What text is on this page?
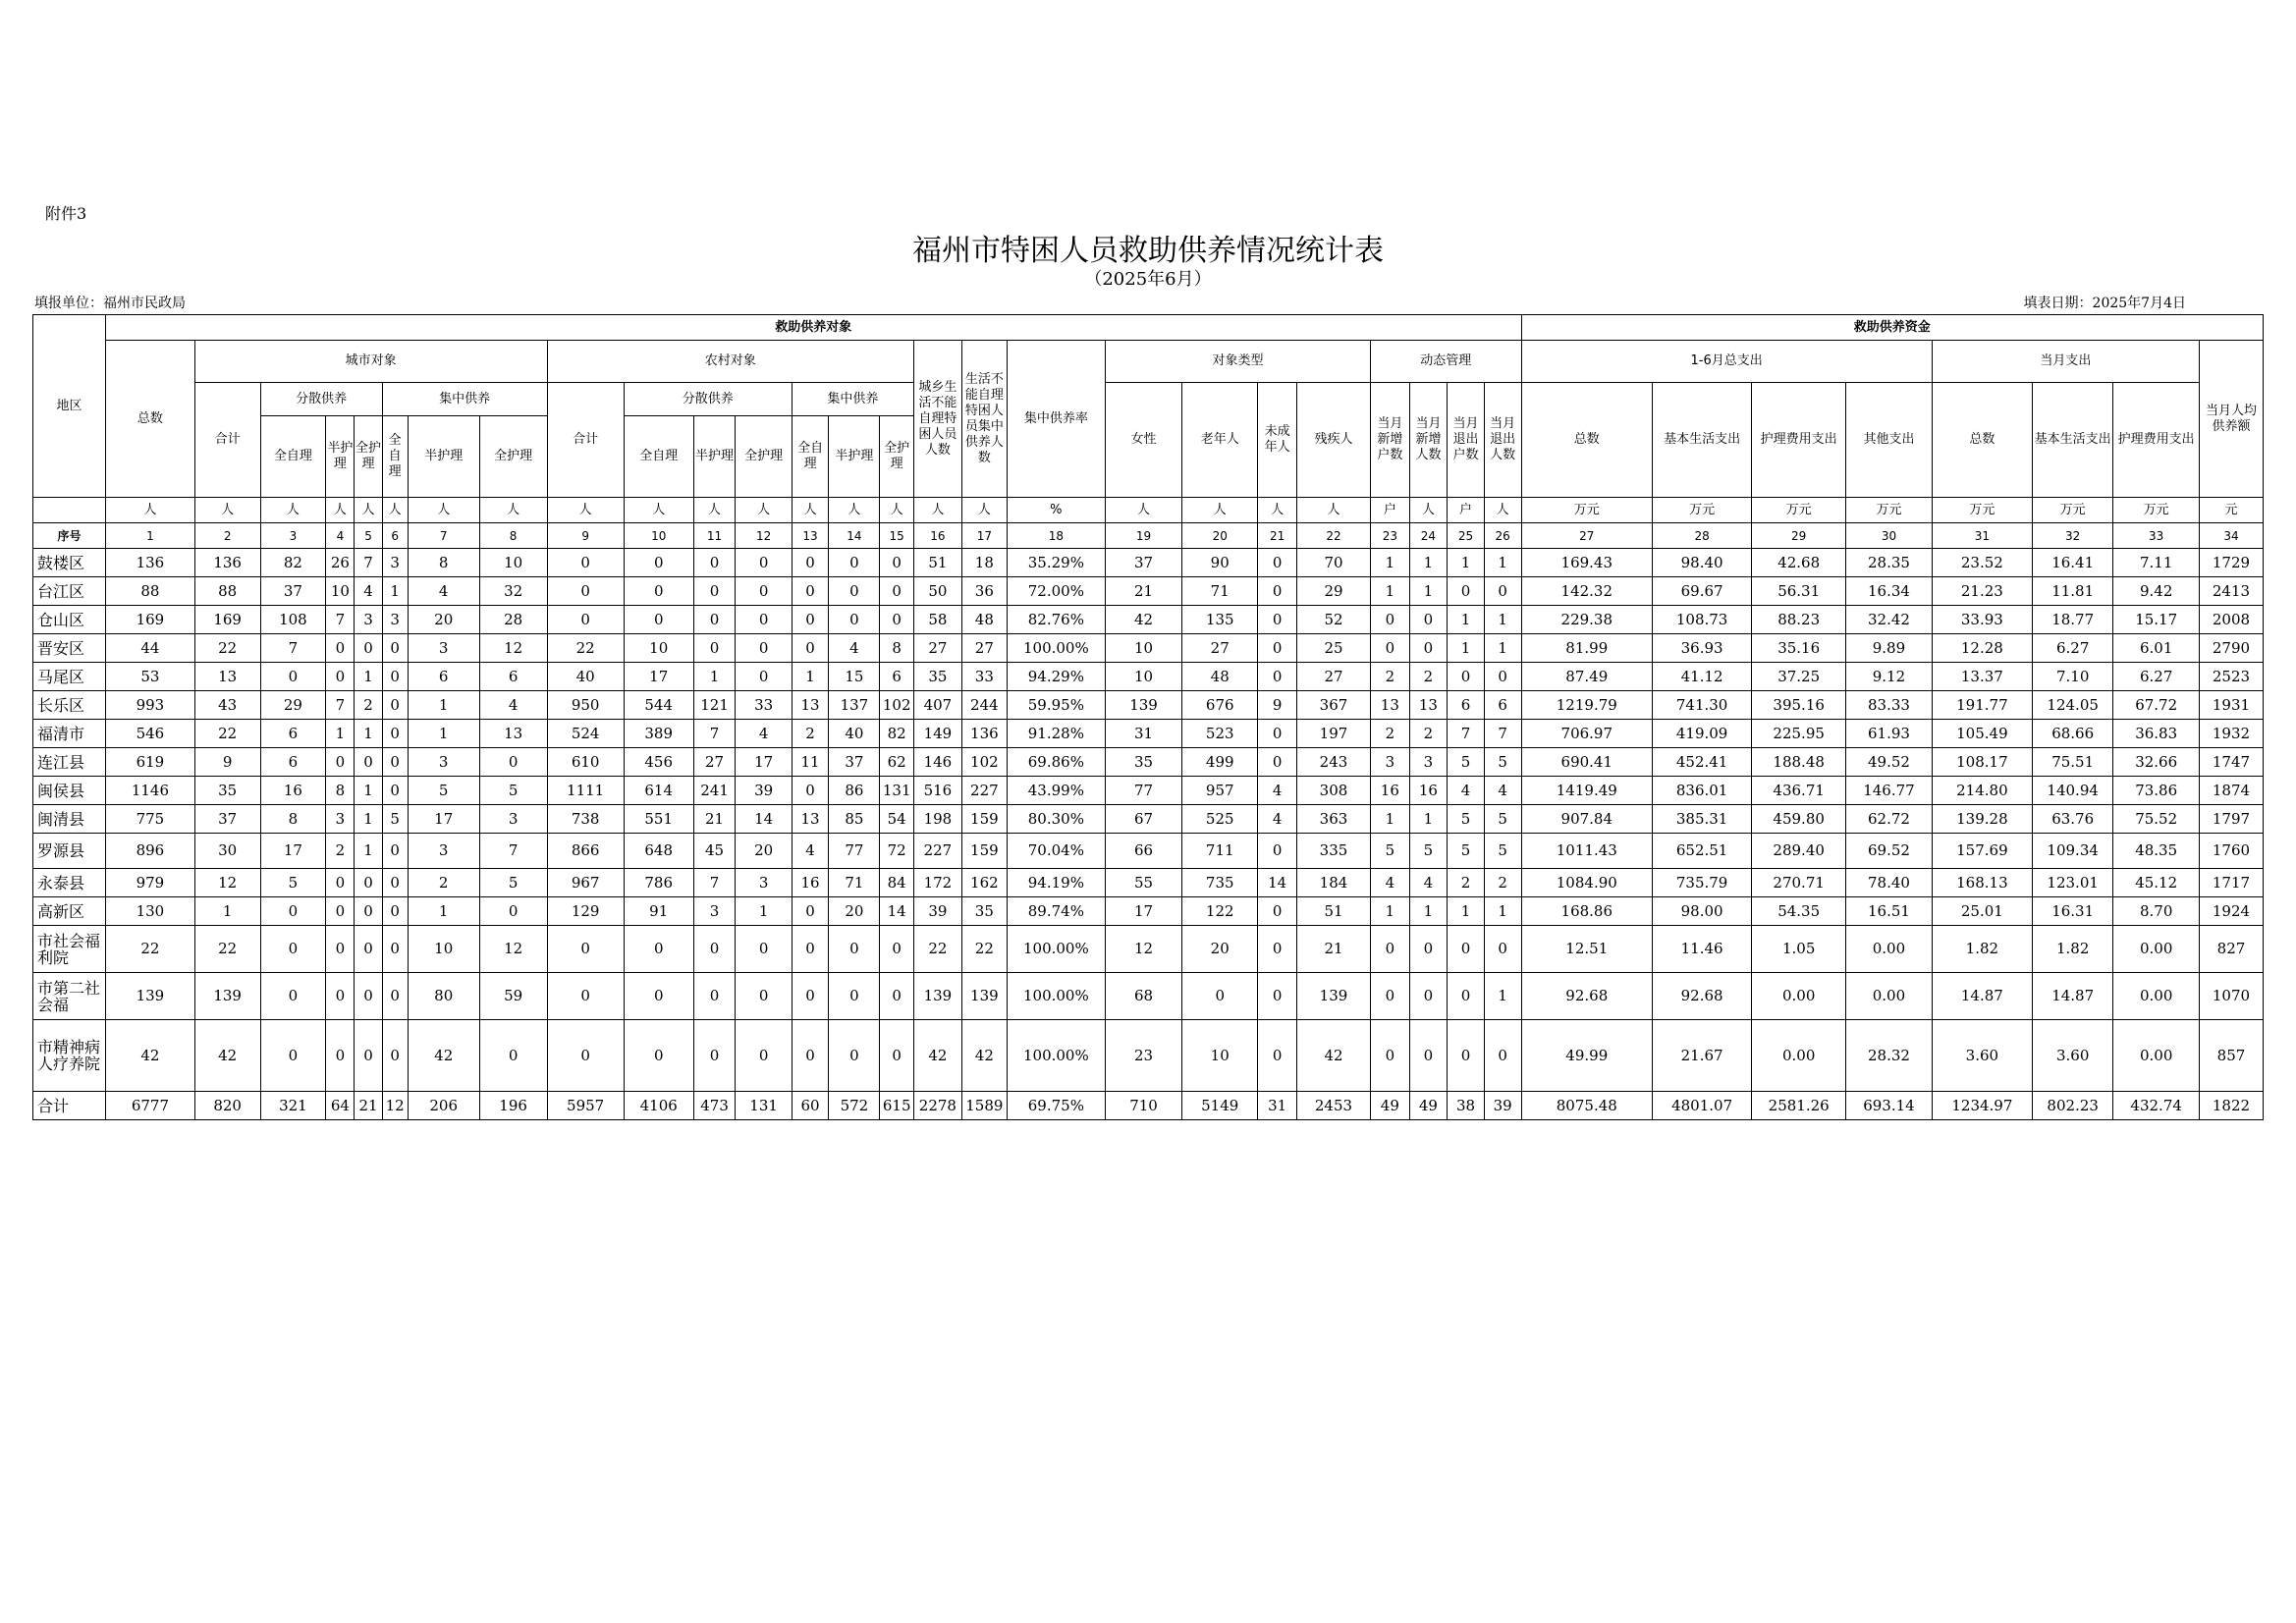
附件3
福州市特困人员救助供养情况统计表
（2025年6月）
填报单位：福州市民政局	填表日期：2025年7月4日
地区	救助供养对象																										救助供养资金							
	总数	城市对象							农村对象							城乡生活不能自理特困人员人数	生活不能自理特困人员集中供养人数	集中供养率	对象类型				动态管理				1-6月总支出				当月支出			当月人均供养额
		合计	分散供养			集中供养			合计	分散供养			集中供养						女性	老年人	未成年人	残疾人	当月新增户数	当月新增人数	当月退出户数	当月退出人数	总数	基本生活支出	护理费用支出	其他支出	总数	基本生活支出	护理费用支出	
			全自理	半护理	全护理	全自理	半护理	全护理		全自理	半护理	全护理	全自理	半护理	全护理																			
	人	人	人	人	人	人	人	人	人	人	人	人	人	人	人	人	人	%	人	人	人	人	户	人	户	人	万元	万元	万元	万元	万元	万元	万元	元
序号	1	2	3	4	5	6	7	8	9	10	11	12	13	14	15	16	17	18	19	20	21	22	23	24	25	26	27	28	29	30	31	32	33	34
鼓楼区	136	136	82	26	7	3	8	10	0	0	0	0	0	0	0	51	18	35.29%	37	90	0	70	1	1	1	1	169.43	98.40	42.68	28.35	23.52	16.41	7.11	1729
台江区	88	88	37	10	4	1	4	32	0	0	0	0	0	0	0	50	36	72.00%	21	71	0	29	1	1	0	0	142.32	69.67	56.31	16.34	21.23	11.81	9.42	2413
仓山区	169	169	108	7	3	3	20	28	0	0	0	0	0	0	0	58	48	82.76%	42	135	0	52	0	0	1	1	229.38	108.73	88.23	32.42	33.93	18.77	15.17	2008
晋安区	44	22	7	0	0	0	3	12	22	10	0	0	0	4	8	27	27	100.00%	10	27	0	25	0	0	1	1	81.99	36.93	35.16	9.89	12.28	6.27	6.01	2790
马尾区	53	13	0	0	1	0	6	6	40	17	1	0	1	15	6	35	33	94.29%	10	48	0	27	2	2	0	0	87.49	41.12	37.25	9.12	13.37	7.10	6.27	2523
长乐区	993	43	29	7	2	0	1	4	950	544	121	33	13	137	102	407	244	59.95%	139	676	9	367	13	13	6	6	1219.79	741.30	395.16	83.33	191.77	124.05	67.72	1931
福清市	546	22	6	1	1	0	1	13	524	389	7	4	2	40	82	149	136	91.28%	31	523	0	197	2	2	7	7	706.97	419.09	225.95	61.93	105.49	68.66	36.83	1932
连江县	619	9	6	0	0	0	3	0	610	456	27	17	11	37	62	146	102	69.86%	35	499	0	243	3	3	5	5	690.41	452.41	188.48	49.52	108.17	75.51	32.66	1747
闽侯县	1146	35	16	8	1	0	5	5	1111	614	241	39	0	86	131	516	227	43.99%	77	957	4	308	16	16	4	4	1419.49	836.01	436.71	146.77	214.80	140.94	73.86	1874
闽清县	775	37	8	3	1	5	17	3	738	551	21	14	13	85	54	198	159	80.30%	67	525	4	363	1	1	5	5	907.84	385.31	459.80	62.72	139.28	63.76	75.52	1797
罗源县	896	30	17	2	1	0	3	7	866	648	45	20	4	77	72	227	159	70.04%	66	711	0	335	5	5	5	5	1011.43	652.51	289.40	69.52	157.69	109.34	48.35	1760
永泰县	979	12	5	0	0	0	2	5	967	786	7	3	16	71	84	172	162	94.19%	55	735	14	184	4	4	2	2	1084.90	735.79	270.71	78.40	168.13	123.01	45.12	1717
高新区	130	1	0	0	0	0	1	0	129	91	3	1	0	20	14	39	35	89.74%	17	122	0	51	1	1	1	1	168.86	98.00	54.35	16.51	25.01	16.31	8.70	1924
市社会福利院	22	22	0	0	0	0	10	12	0	0	0	0	0	0	0	22	22	100.00%	12	20	0	21	0	0	0	0	12.51	11.46	1.05	0.00	1.82	1.82	0.00	827
市第二社会福	139	139	0	0	0	0	80	59	0	0	0	0	0	0	0	139	139	100.00%	68	0	0	139	0	0	0	1	92.68	92.68	0.00	0.00	14.87	14.87	0.00	1070
市精神病人疗养院	42	42	0	0	0	0	42	0	0	0	0	0	0	0	0	42	42	100.00%	23	10	0	42	0	0	0	0	49.99	21.67	0.00	28.32	3.60	3.60	0.00	857
合计	6777	820	321	64	21	12	206	196	5957	4106	473	131	60	572	615	2278	1589	69.75%	710	5149	31	2453	49	49	38	39	8075.48	4801.07	2581.26	693.14	1234.97	802.23	432.74	1822
